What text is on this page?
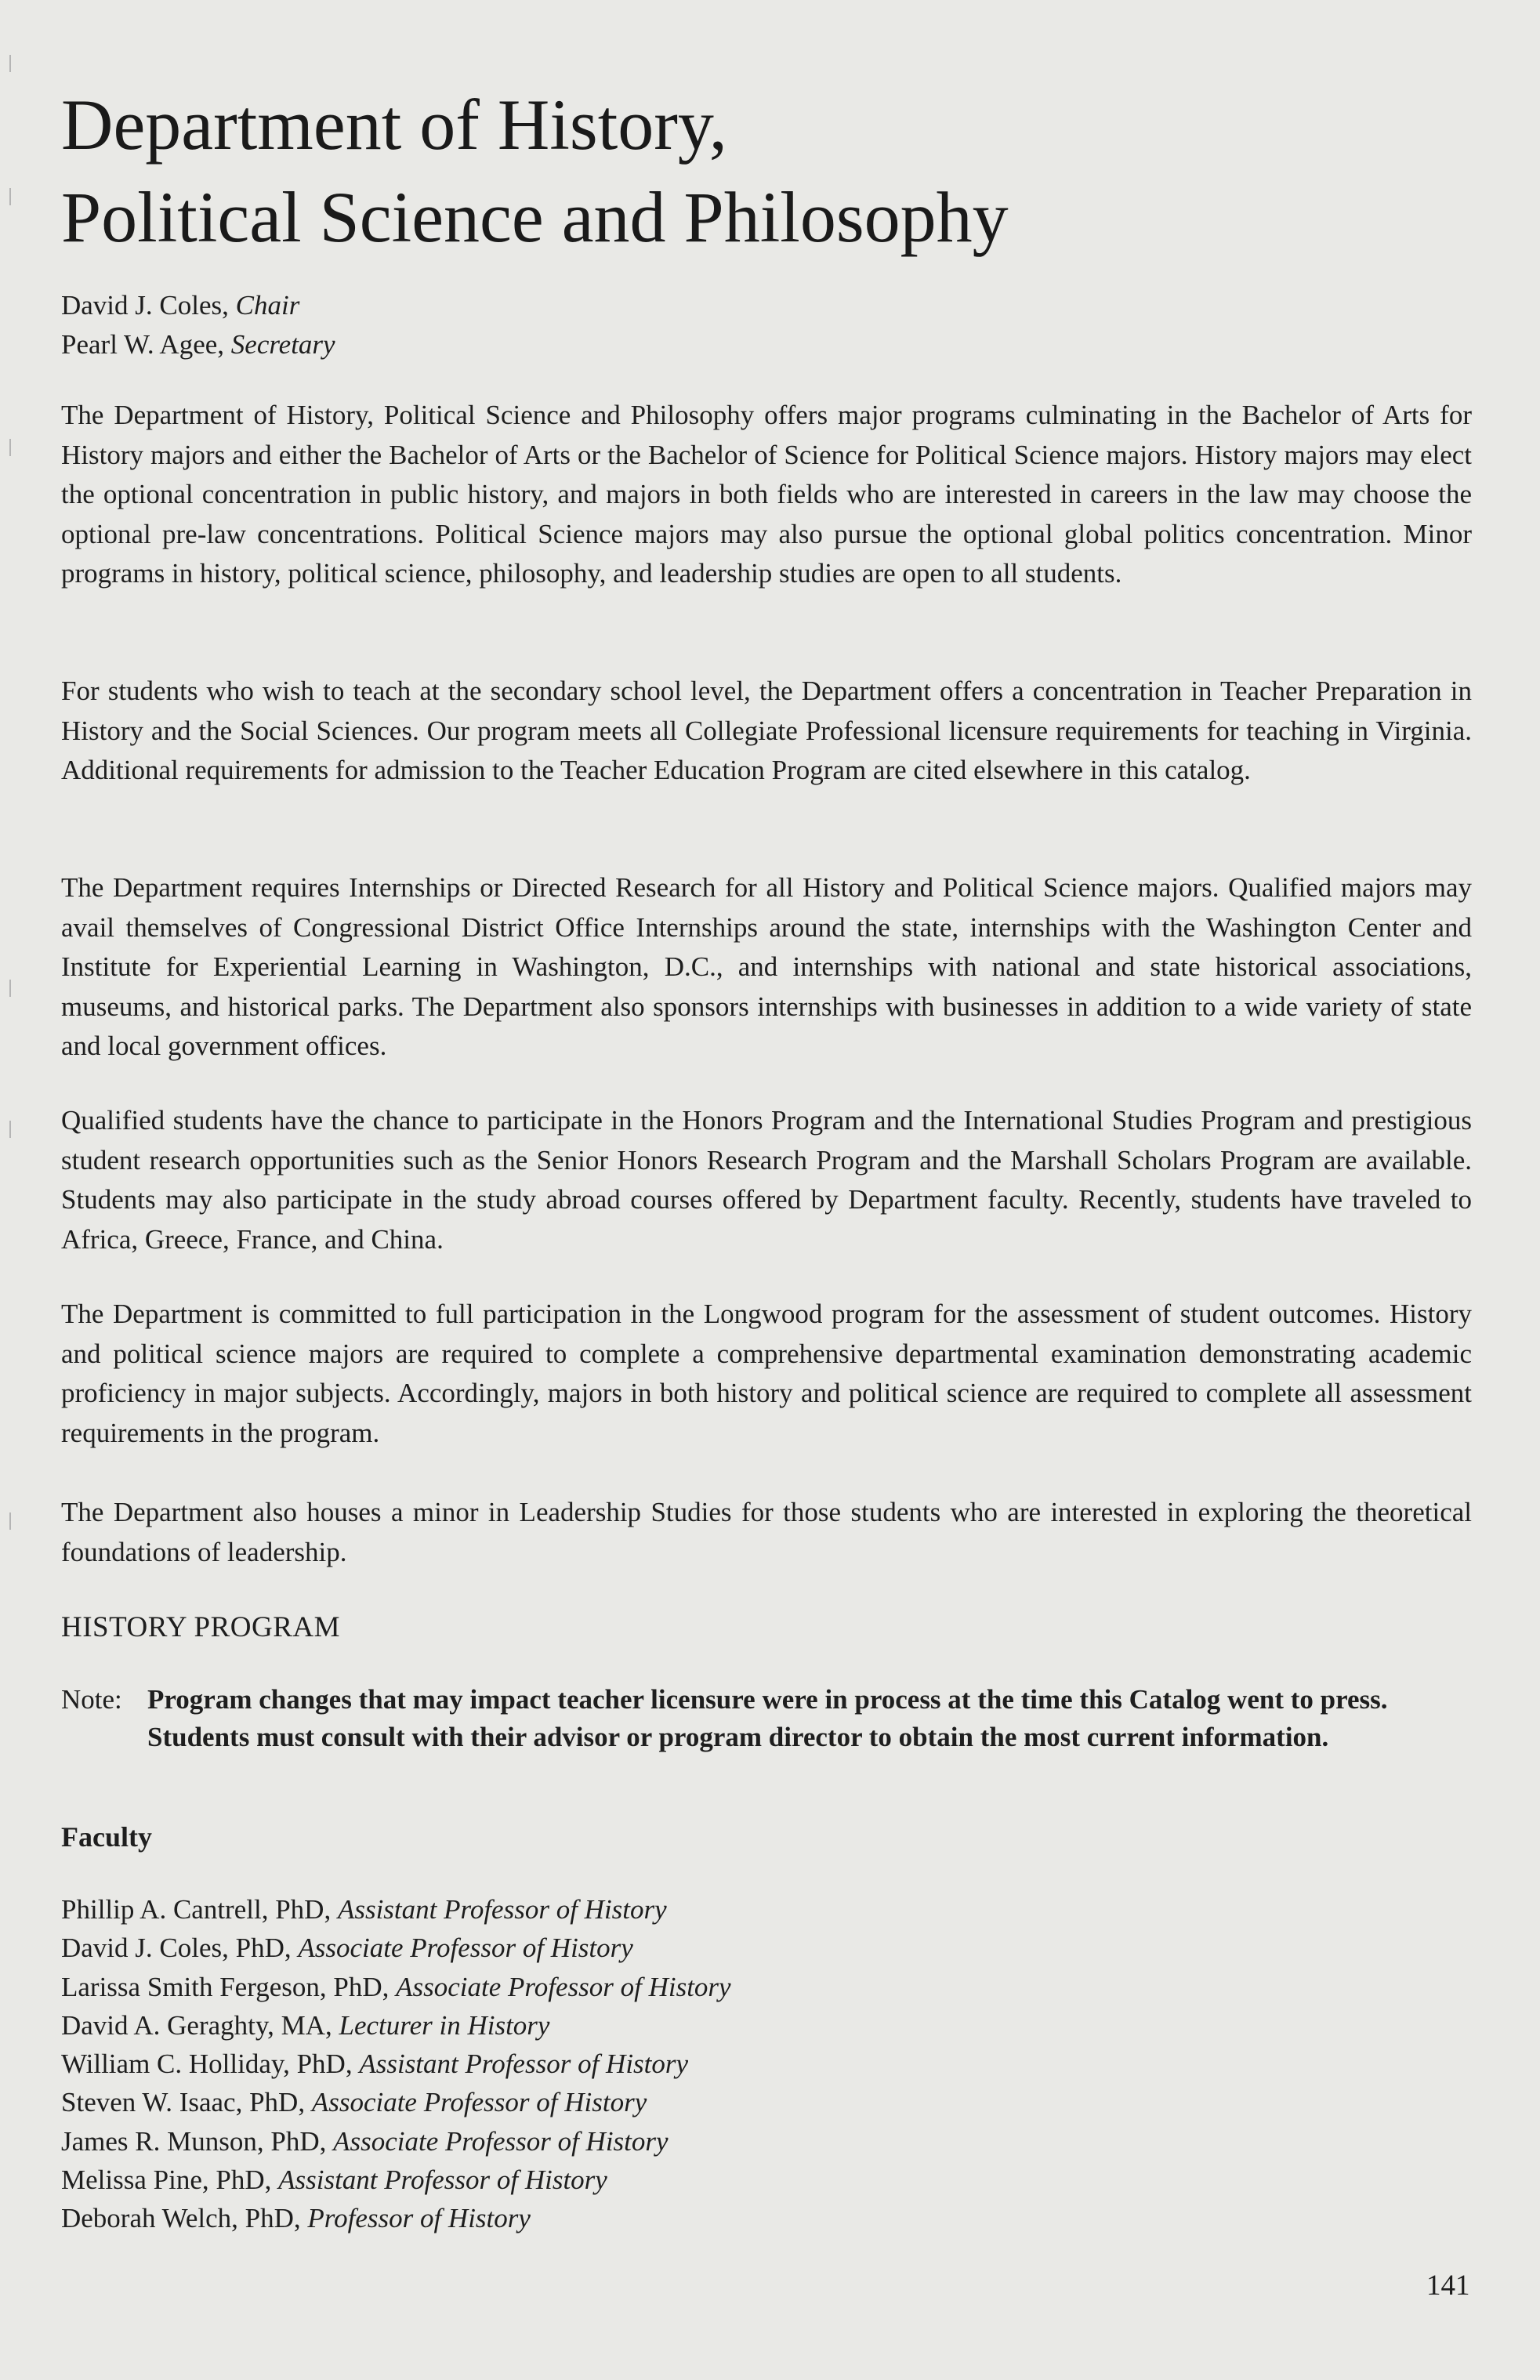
Department of History,
Political Science and Philosophy
David J. Coles, Chair
Pearl W. Agee, Secretary

The Department of History, Political Science and Philosophy offers major programs culminating in the Bachelor of Arts for History majors and either the Bachelor of Arts or the Bachelor of Science for Political Science majors. History majors may elect the optional concentration in public history, and majors in both fields who are interested in careers in the law may choose the optional pre-law concentrations. Political Science majors may also pursue the optional global politics concentration. Minor programs in history, political science, philosophy, and leadership studies are open to all students.

For students who wish to teach at the secondary school level, the Department offers a concentration in Teacher Preparation in History and the Social Sciences. Our program meets all Collegiate Professional licensure requirements for teaching in Virginia. Additional requirements for admission to the Teacher Education Program are cited elsewhere in this catalog.

The Department requires Internships or Directed Research for all History and Political Science majors. Qualified majors may avail themselves of Congressional District Office Internships around the state, internships with the Washington Center and Institute for Experiential Learning in Washington, D.C., and internships with national and state historical associations, museums, and historical parks. The Department also sponsors internships with businesses in addition to a wide variety of state and local government offices.

Qualified students have the chance to participate in the Honors Program and the International Studies Program and prestigious student research opportunities such as the Senior Honors Research Program and the Marshall Scholars Program are available. Students may also participate in the study abroad courses offered by Department faculty. Recently, students have traveled to Africa, Greece, France, and China.

The Department is committed to full participation in the Longwood program for the assessment of student outcomes. History and political science majors are required to complete a comprehensive departmental examination demonstrating academic proficiency in major subjects. Accordingly, majors in both history and political science are required to complete all assessment requirements in the program.

The Department also houses a minor in Leadership Studies for those students who are interested in exploring the theoretical foundations of leadership.

HISTORY PROGRAM
Note: Program changes that may impact teacher licensure were in process at the time this Catalog went to press. Students must consult with their advisor or program director to obtain the most current information.
Faculty
Phillip A. Cantrell, PhD, Assistant Professor of History
David J. Coles, PhD, Associate Professor of History
Larissa Smith Fergeson, PhD, Associate Professor of History
David A. Geraghty, MA, Lecturer in History
William C. Holliday, PhD, Assistant Professor of History
Steven W. Isaac, PhD, Associate Professor of History
James R. Munson, PhD, Associate Professor of History
Melissa Pine, PhD, Assistant Professor of History
Deborah Welch, PhD, Professor of History
141
